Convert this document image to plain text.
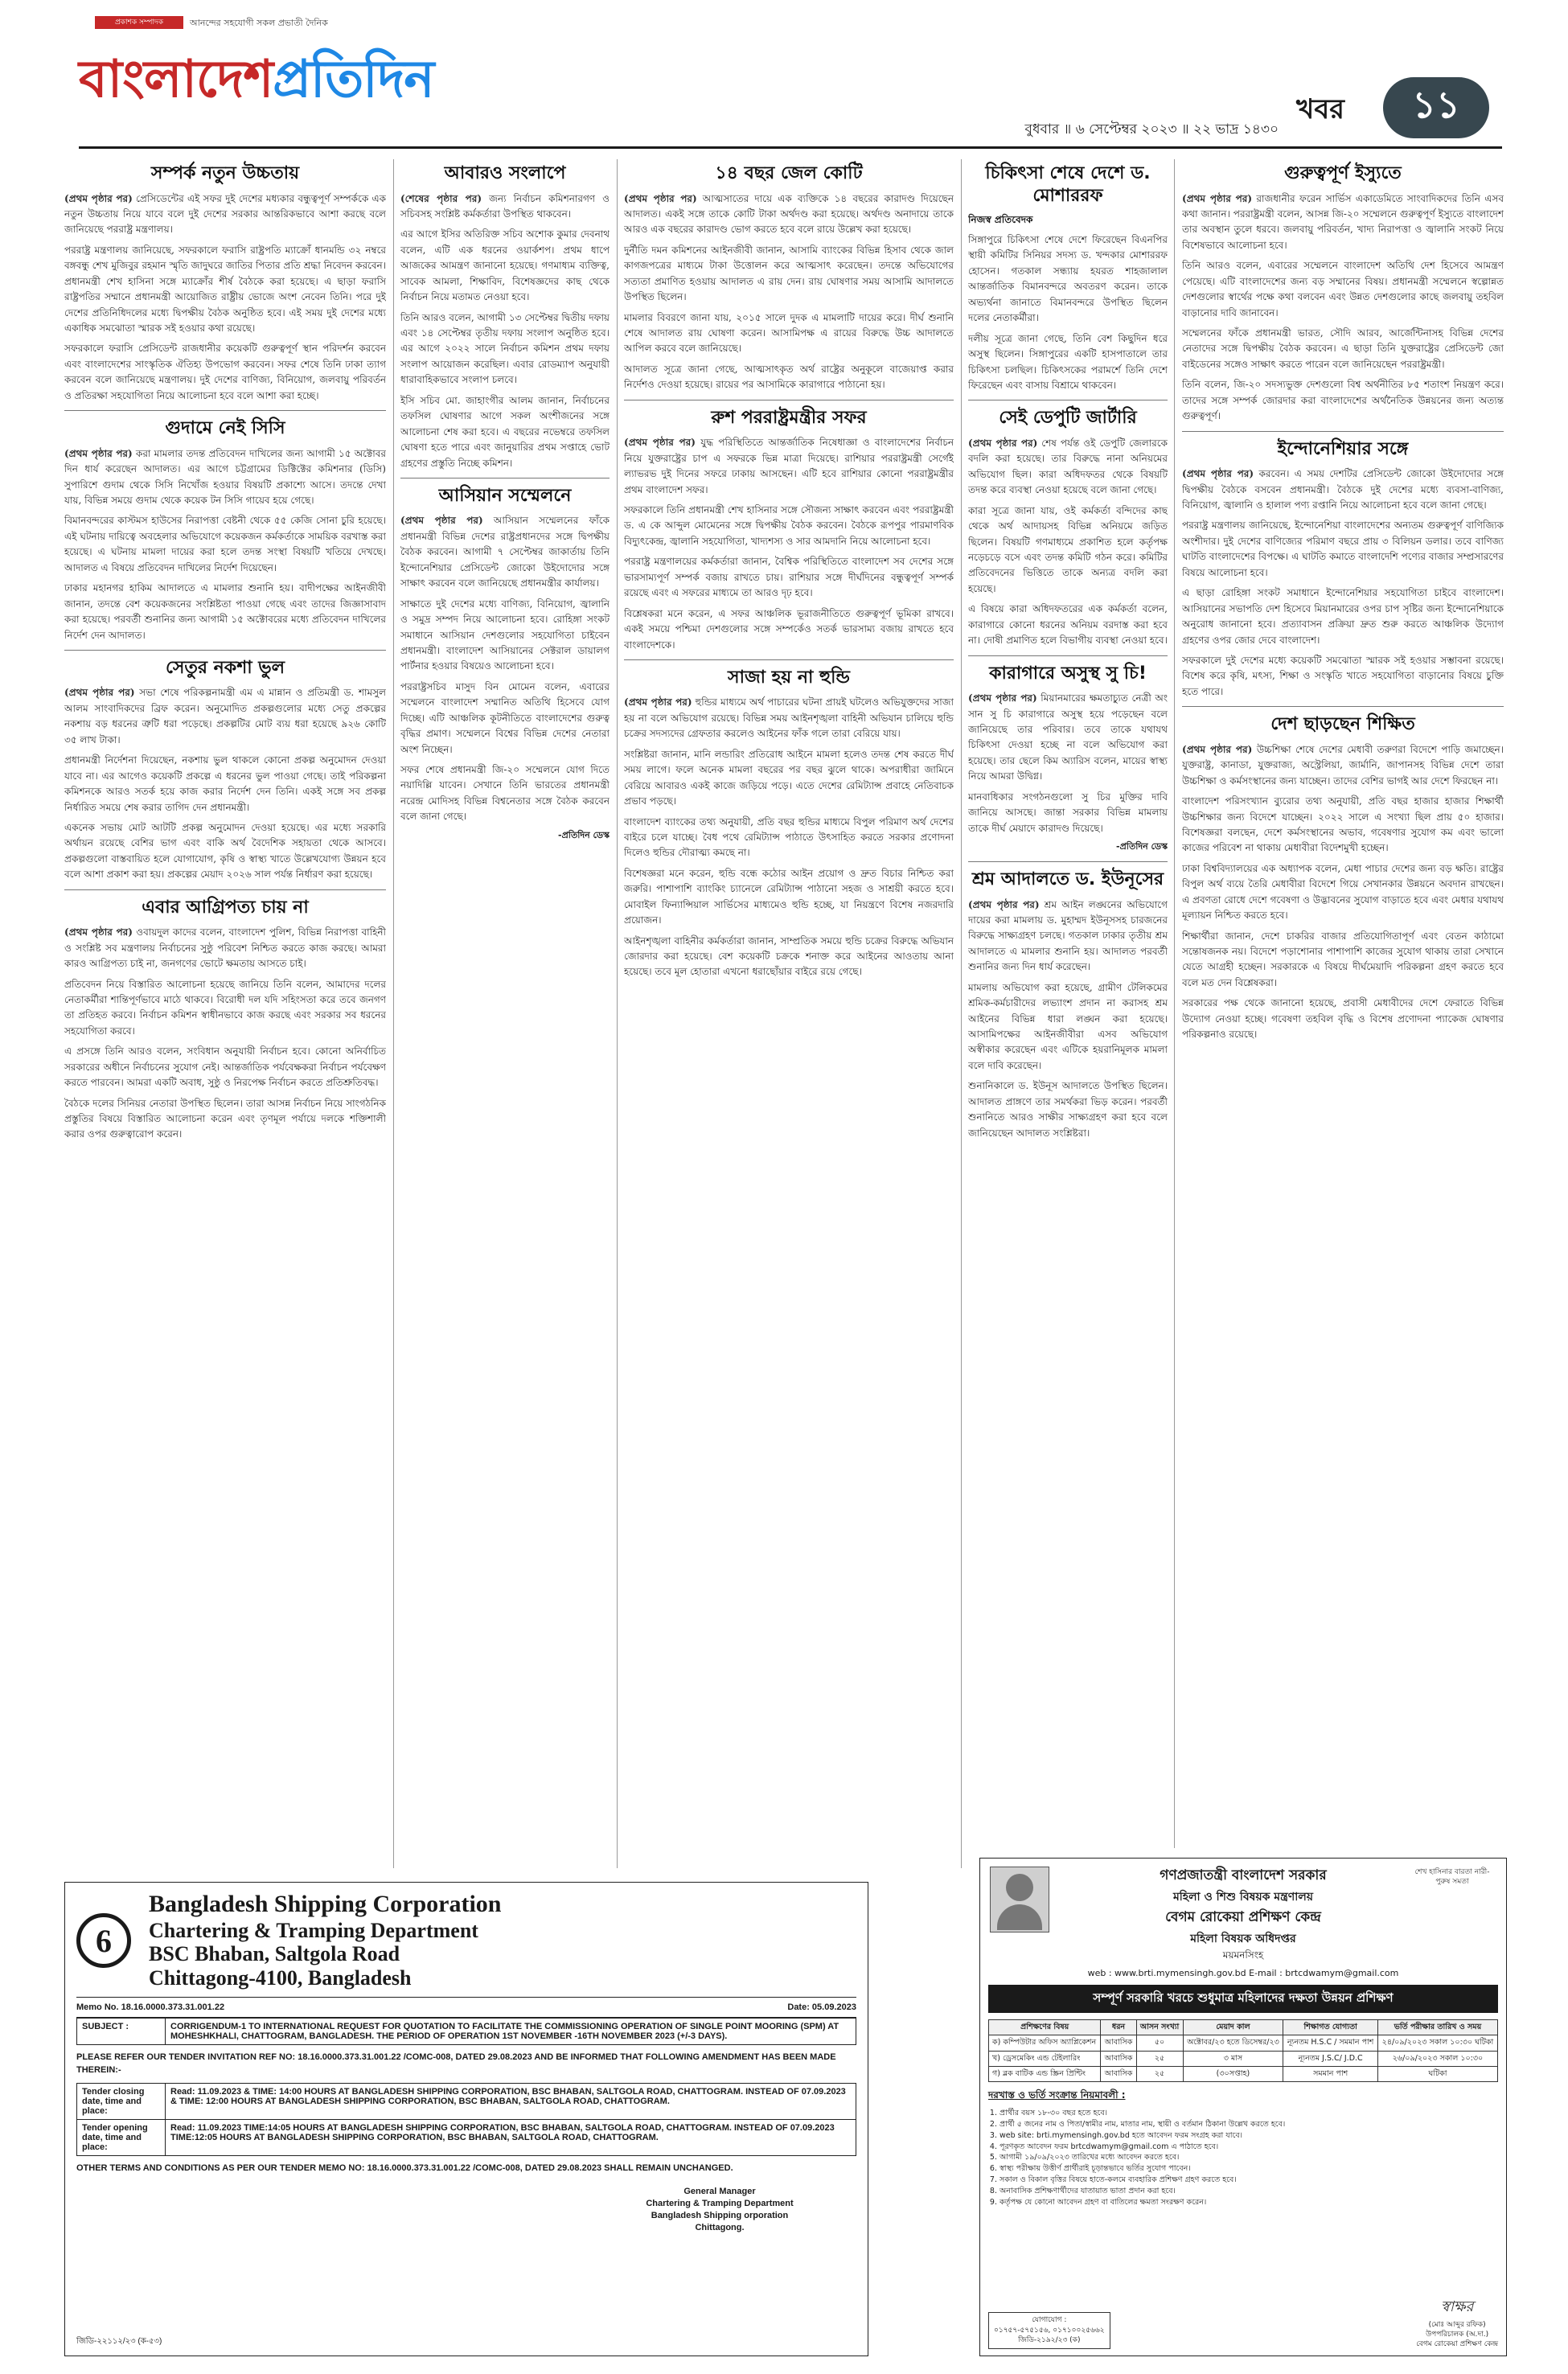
প্রকাশক সম্পাদক	আনন্দের সহযোগী সকল প্রভাতী দৈনিক
বাংলাদেশপ্রতিদিন	খবর	১১
বুধবার ॥ ৬ সেপ্টেম্বর ২০২৩ ॥ ২২ ভাদ্র ১৪৩০
সম্পর্ক নতুন উচ্চতায়

(প্রথম পৃষ্ঠার পর) প্রেসিডেন্টের এই সফর দুই দেশের মধ্যকার বন্ধুত্বপূর্ণ সম্পর্ককে এক নতুন উচ্চতায় নিয়ে যাবে বলে দুই দেশের সরকার আন্তরিকভাবে আশা করছে বলে জানিয়েছে পররাষ্ট্র মন্ত্রণালয়।

পররাষ্ট্র মন্ত্রণালয় জানিয়েছে, সফরকালে ফরাসি রাষ্ট্রপতি ম্যাক্রোঁ ধানমন্ডি ৩২ নম্বরে বঙ্গবন্ধু শেখ মুজিবুর রহমান স্মৃতি জাদুঘরে জাতির পিতার প্রতি শ্রদ্ধা নিবেদন করবেন। প্রধানমন্ত্রী শেখ হাসিনা সঙ্গে ম্যাক্রোঁর শীর্ষ বৈঠকে করা হয়েছে। এ ছাড়া ফরাসি রাষ্ট্রপতির সম্মানে প্রধানমন্ত্রী আয়োজিত রাষ্ট্রীয় ভোজে অংশ নেবেন তিনি। পরে দুই দেশের প্রতিনিধিদলের মধ্যে দ্বিপক্ষীয় বৈঠক অনুষ্ঠিত হবে। এই সময় দুই দেশের মধ্যে একাধিক সমঝোতা স্মারক সই হওয়ার কথা রয়েছে।

সফরকালে ফরাসি প্রেসিডেন্ট রাজধানীর কয়েকটি গুরুত্বপূর্ণ স্থান পরিদর্শন করবেন এবং বাংলাদেশের সাংস্কৃতিক ঐতিহ্য উপভোগ করবেন। সফর শেষে তিনি ঢাকা ত্যাগ করবেন বলে জানিয়েছে মন্ত্রণালয়। দুই দেশের বাণিজ্য, বিনিয়োগ, জলবায়ু পরিবর্তন ও প্রতিরক্ষা সহযোগিতা নিয়ে আলোচনা হবে বলে আশা করা হচ্ছে।

গুদামে নেই সিসি

(প্রথম পৃষ্ঠার পর) করা মামলার তদন্ত প্রতিবেদন দাখিলের জন্য আগামী ১৫ অক্টোবর দিন ধার্য করেছেন আদালত। এর আগে চট্টগ্রামের ডিক্টিক্টের কমিশনার (ডিসি) সুপারিশে গুদাম থেকে সিসি নিখোঁজ হওয়ার বিষয়টি প্রকাশ্যে আসে। তদন্তে দেখা যায়, বিভিন্ন সময়ে গুদাম থেকে কয়েক টন সিসি গায়েব হয়ে গেছে।

বিমানবন্দরের কাস্টমস হাউসের নিরাপত্তা বেষ্টনী থেকে ৫৫ কেজি সোনা চুরি হয়েছে। এই ঘটনায় দায়িত্বে অবহেলার অভিযোগে কয়েকজন কর্মকর্তাকে সাময়িক বরখাস্ত করা হয়েছে। এ ঘটনায় মামলা দায়ের করা হলে তদন্ত সংস্থা বিষয়টি খতিয়ে দেখছে। আদালত এ বিষয়ে প্রতিবেদন দাখিলের নির্দেশ দিয়েছেন।

ঢাকার মহানগর হাকিম আদালতে এ মামলার শুনানি হয়। বাদীপক্ষের আইনজীবী জানান, তদন্তে বেশ কয়েকজনের সংশ্লিষ্টতা পাওয়া গেছে এবং তাদের জিজ্ঞাসাবাদ করা হয়েছে। পরবর্তী শুনানির জন্য আগামী ১৫ অক্টোবরের মধ্যে প্রতিবেদন দাখিলের নির্দেশ দেন আদালত।

সেতুর নকশা ভুল

(প্রথম পৃষ্ঠার পর) সভা শেষে পরিকল্পনামন্ত্রী এম এ মান্নান ও প্রতিমন্ত্রী ড. শামসুল আলম সাংবাদিকদের ব্রিফ করেন। অনুমোদিত প্রকল্পগুলোর মধ্যে সেতু প্রকল্পের নকশায় বড় ধরনের ত্রুটি ধরা পড়েছে। প্রকল্পটির মোট ব্যয় ধরা হয়েছে ৯২৬ কোটি ৩৫ লাখ টাকা।

প্রধানমন্ত্রী নির্দেশনা দিয়েছেন, নকশায় ভুল থাকলে কোনো প্রকল্প অনুমোদন দেওয়া যাবে না। এর আগেও কয়েকটি প্রকল্পে এ ধরনের ভুল পাওয়া গেছে। তাই পরিকল্পনা কমিশনকে আরও সতর্ক হয়ে কাজ করার নির্দেশ দেন তিনি। একই সঙ্গে সব প্রকল্প নির্ধারিত সময়ে শেষ করার তাগিদ দেন প্রধানমন্ত্রী।

একনেক সভায় মোট আটটি প্রকল্প অনুমোদন দেওয়া হয়েছে। এর মধ্যে সরকারি অর্থায়ন রয়েছে বেশির ভাগ এবং বাকি অর্থ বৈদেশিক সহায়তা থেকে আসবে। প্রকল্পগুলো বাস্তবায়িত হলে যোগাযোগ, কৃষি ও স্বাস্থ্য খাতে উল্লেখযোগ্য উন্নয়ন হবে বলে আশা প্রকাশ করা হয়। প্রকল্পের মেয়াদ ২০২৬ সাল পর্যন্ত নির্ধারণ করা হয়েছে।

এবার আগ্রিপত্য চায় না

(প্রথম পৃষ্ঠার পর) ওবায়দুল কাদের বলেন, বাংলাদেশ পুলিশ, বিভিন্ন নিরাপত্তা বাহিনী ও সংশ্লিষ্ট সব মন্ত্রণালয় নির্বাচনের সুষ্ঠু পরিবেশ নিশ্চিত করতে কাজ করছে। আমরা কারও আগ্রিপত্য চাই না, জনগণের ভোটে ক্ষমতায় আসতে চাই।

প্রতিবেদন নিয়ে বিস্তারিত আলোচনা হয়েছে জানিয়ে তিনি বলেন, আমাদের দলের নেতাকর্মীরা শান্তিপূর্ণভাবে মাঠে থাকবে। বিরোধী দল যদি সহিংসতা করে তবে জনগণ তা প্রতিহত করবে। নির্বাচন কমিশন স্বাধীনভাবে কাজ করছে এবং সরকার সব ধরনের সহযোগিতা করবে।

এ প্রসঙ্গে তিনি আরও বলেন, সংবিধান অনুযায়ী নির্বাচন হবে। কোনো অনির্বাচিত সরকারের অধীনে নির্বাচনের সুযোগ নেই। আন্তর্জাতিক পর্যবেক্ষকরা নির্বাচন পর্যবেক্ষণ করতে পারবেন। আমরা একটি অবাধ, সুষ্ঠু ও নিরপেক্ষ নির্বাচন করতে প্রতিশ্রুতিবদ্ধ।

বৈঠকে দলের সিনিয়র নেতারা উপস্থিত ছিলেন। তারা আসন্ন নির্বাচন নিয়ে সাংগঠনিক প্রস্তুতির বিষয়ে বিস্তারিত আলোচনা করেন এবং তৃণমূল পর্যায়ে দলকে শক্তিশালী করার ওপর গুরুত্বারোপ করেন।

আবারও সংলাপে

(শেষের পৃষ্ঠার পর) জন্য নির্বাচন কমিশনারগণ ও সচিবসহ সংশ্লিষ্ট কর্মকর্তারা উপস্থিত থাকবেন।

এর আগে ইসির অতিরিক্ত সচিব অশোক কুমার দেবনাথ বলেন, এটি এক ধরনের ওয়ার্কশপ। প্রথম ধাপে আজকের আমন্ত্রণ জানানো হয়েছে। গণমাধ্যম ব্যক্তিত্ব, সাবেক আমলা, শিক্ষাবিদ, বিশেষজ্ঞদের কাছ থেকে নির্বাচন নিয়ে মতামত নেওয়া হবে।

তিনি আরও বলেন, আগামী ১৩ সেপ্টেম্বর দ্বিতীয় দফায় এবং ১৪ সেপ্টেম্বর তৃতীয় দফায় সংলাপ অনুষ্ঠিত হবে। এর আগে ২০২২ সালে নির্বাচন কমিশন প্রথম দফায় সংলাপ আয়োজন করেছিল। এবার রোডম্যাপ অনুযায়ী ধারাবাহিকভাবে সংলাপ চলবে।

ইসি সচিব মো. জাহাংগীর আলম জানান, নির্বাচনের তফসিল ঘোষণার আগে সকল অংশীজনের সঙ্গে আলোচনা শেষ করা হবে। এ বছরের নভেম্বরে তফসিল ঘোষণা হতে পারে এবং জানুয়ারির প্রথম সপ্তাহে ভোট গ্রহণের প্রস্তুতি নিচ্ছে কমিশন।

আসিয়ান সম্মেলনে

(প্রথম পৃষ্ঠার পর) আসিয়ান সম্মেলনের ফাঁকে প্রধানমন্ত্রী বিভিন্ন দেশের রাষ্ট্রপ্রধানদের সঙ্গে দ্বিপক্ষীয় বৈঠক করবেন। আগামী ৭ সেপ্টেম্বর জাকার্তায় তিনি ইন্দোনেশিয়ার প্রেসিডেন্ট জোকো উইদোদোর সঙ্গে সাক্ষাৎ করবেন বলে জানিয়েছে প্রধানমন্ত্রীর কার্যালয়।

সাক্ষাতে দুই দেশের মধ্যে বাণিজ্য, বিনিয়োগ, জ্বালানি ও সমুদ্র সম্পদ নিয়ে আলোচনা হবে। রোহিঙ্গা সংকট সমাধানে আসিয়ান দেশগুলোর সহযোগিতা চাইবেন প্রধানমন্ত্রী। বাংলাদেশ আসিয়ানের সেক্টরাল ডায়ালগ পার্টনার হওয়ার বিষয়েও আলোচনা হবে।

পররাষ্ট্রসচিব মাসুদ বিন মোমেন বলেন, এবারের সম্মেলনে বাংলাদেশ সম্মানিত অতিথি হিসেবে যোগ দিচ্ছে। এটি আঞ্চলিক কূটনীতিতে বাংলাদেশের গুরুত্ব বৃদ্ধির প্রমাণ। সম্মেলনে বিশ্বের বিভিন্ন দেশের নেতারা অংশ নিচ্ছেন।

সফর শেষে প্রধানমন্ত্রী জি-২০ সম্মেলনে যোগ দিতে নয়াদিল্লি যাবেন। সেখানে তিনি ভারতের প্রধানমন্ত্রী নরেন্দ্র মোদিসহ বিভিন্ন বিশ্বনেতার সঙ্গে বৈঠক করবেন বলে জানা গেছে।

-প্রতিদিন ডেস্ক
১৪ বছর জেল কোটি

(প্রথম পৃষ্ঠার পর) আত্মসাতের দায়ে এক ব্যক্তিকে ১৪ বছরের কারাদণ্ড দিয়েছেন আদালত। একই সঙ্গে তাকে কোটি টাকা অর্থদণ্ড করা হয়েছে। অর্থদণ্ড অনাদায়ে তাকে আরও এক বছরের কারাদণ্ড ভোগ করতে হবে বলে রায়ে উল্লেখ করা হয়েছে।

দুর্নীতি দমন কমিশনের আইনজীবী জানান, আসামি ব্যাংকের বিভিন্ন হিসাব থেকে জাল কাগজপত্রের মাধ্যমে টাকা উত্তোলন করে আত্মসাৎ করেছেন। তদন্তে অভিযোগের সত্যতা প্রমাণিত হওয়ায় আদালত এ রায় দেন। রায় ঘোষণার সময় আসামি আদালতে উপস্থিত ছিলেন।

মামলার বিবরণে জানা যায়, ২০১৫ সালে দুদক এ মামলাটি দায়ের করে। দীর্ঘ শুনানি শেষে আদালত রায় ঘোষণা করেন। আসামিপক্ষ এ রায়ের বিরুদ্ধে উচ্চ আদালতে আপিল করবে বলে জানিয়েছে।

আদালত সূত্রে জানা গেছে, আত্মসাৎকৃত অর্থ রাষ্ট্রের অনুকূলে বাজেয়াপ্ত করার নির্দেশও দেওয়া হয়েছে। রায়ের পর আসামিকে কারাগারে পাঠানো হয়।

রুশ পররাষ্ট্রমন্ত্রীর সফর

(প্রথম পৃষ্ঠার পর) যুদ্ধ পরিস্থিতিতে আন্তর্জাতিক নিষেধাজ্ঞা ও বাংলাদেশের নির্বাচন নিয়ে যুক্তরাষ্ট্রের চাপ এ সফরকে ভিন্ন মাত্রা দিয়েছে। রাশিয়ার পররাষ্ট্রমন্ত্রী সের্গেই ল্যাভরভ দুই দিনের সফরে ঢাকায় আসছেন। এটি হবে রাশিয়ার কোনো পররাষ্ট্রমন্ত্রীর প্রথম বাংলাদেশ সফর।

সফরকালে তিনি প্রধানমন্ত্রী শেখ হাসিনার সঙ্গে সৌজন্য সাক্ষাৎ করবেন এবং পররাষ্ট্রমন্ত্রী ড. এ কে আব্দুল মোমেনের সঙ্গে দ্বিপক্ষীয় বৈঠক করবেন। বৈঠকে রূপপুর পারমাণবিক বিদ্যুৎকেন্দ্র, জ্বালানি সহযোগিতা, খাদ্যশস্য ও সার আমদানি নিয়ে আলোচনা হবে।

পররাষ্ট্র মন্ত্রণালয়ের কর্মকর্তারা জানান, বৈশ্বিক পরিস্থিতিতে বাংলাদেশ সব দেশের সঙ্গে ভারসাম্যপূর্ণ সম্পর্ক বজায় রাখতে চায়। রাশিয়ার সঙ্গে দীর্ঘদিনের বন্ধুত্বপূর্ণ সম্পর্ক রয়েছে এবং এ সফরের মাধ্যমে তা আরও দৃঢ় হবে।

বিশ্লেষকরা মনে করেন, এ সফর আঞ্চলিক ভূরাজনীতিতে গুরুত্বপূর্ণ ভূমিকা রাখবে। একই সময়ে পশ্চিমা দেশগুলোর সঙ্গে সম্পর্কেও সতর্ক ভারসাম্য বজায় রাখতে হবে বাংলাদেশকে।

সাজা হয় না হুন্ডি

(প্রথম পৃষ্ঠার পর) হুন্ডির মাধ্যমে অর্থ পাচারের ঘটনা প্রায়ই ঘটলেও অভিযুক্তদের সাজা হয় না বলে অভিযোগ রয়েছে। বিভিন্ন সময় আইনশৃঙ্খলা বাহিনী অভিযান চালিয়ে হুন্ডি চক্রের সদস্যদের গ্রেফতার করলেও আইনের ফাঁক গলে তারা বেরিয়ে যায়।

সংশ্লিষ্টরা জানান, মানি লন্ডারিং প্রতিরোধ আইনে মামলা হলেও তদন্ত শেষ করতে দীর্ঘ সময় লাগে। ফলে অনেক মামলা বছরের পর বছর ঝুলে থাকে। অপরাধীরা জামিনে বেরিয়ে আবারও একই কাজে জড়িয়ে পড়ে। এতে দেশের রেমিট্যান্স প্রবাহে নেতিবাচক প্রভাব পড়ছে।

বাংলাদেশ ব্যাংকের তথ্য অনুযায়ী, প্রতি বছর হুন্ডির মাধ্যমে বিপুল পরিমাণ অর্থ দেশের বাইরে চলে যাচ্ছে। বৈধ পথে রেমিট্যান্স পাঠাতে উৎসাহিত করতে সরকার প্রণোদনা দিলেও হুন্ডির দৌরাত্ম্য কমছে না।

বিশেষজ্ঞরা মনে করেন, হুন্ডি বন্ধে কঠোর আইন প্রয়োগ ও দ্রুত বিচার নিশ্চিত করা জরুরি। পাশাপাশি ব্যাংকিং চ্যানেলে রেমিট্যান্স পাঠানো সহজ ও সাশ্রয়ী করতে হবে। মোবাইল ফিন্যান্সিয়াল সার্ভিসের মাধ্যমেও হুন্ডি হচ্ছে, যা নিয়ন্ত্রণে বিশেষ নজরদারি প্রয়োজন।

আইনশৃঙ্খলা বাহিনীর কর্মকর্তারা জানান, সাম্প্রতিক সময়ে হুন্ডি চক্রের বিরুদ্ধে অভিযান জোরদার করা হয়েছে। বেশ কয়েকটি চক্রকে শনাক্ত করে আইনের আওতায় আনা হয়েছে। তবে মূল হোতারা এখনো ধরাছোঁয়ার বাইরে রয়ে গেছে।

চিকিৎসা শেষে দেশে ড. মোশাররফ
নিজস্ব প্রতিবেদক

সিঙ্গাপুরে চিকিৎসা শেষে দেশে ফিরেছেন বিএনপির স্থায়ী কমিটির সিনিয়র সদস্য ড. খন্দকার মোশাররফ হোসেন। গতকাল সন্ধ্যায় হযরত শাহজালাল আন্তর্জাতিক বিমানবন্দরে অবতরণ করেন। তাকে অভ্যর্থনা জানাতে বিমানবন্দরে উপস্থিত ছিলেন দলের নেতাকর্মীরা।

দলীয় সূত্রে জানা গেছে, তিনি বেশ কিছুদিন ধরে অসুস্থ ছিলেন। সিঙ্গাপুরের একটি হাসপাতালে তার চিকিৎসা চলছিল। চিকিৎসকের পরামর্শে তিনি দেশে ফিরেছেন এবং বাসায় বিশ্রামে থাকবেন।

সেই ডেপুটি জার্টারি

(প্রথম পৃষ্ঠার পর) শেষ পর্যন্ত ওই ডেপুটি জেলারকে বদলি করা হয়েছে। তার বিরুদ্ধে নানা অনিয়মের অভিযোগ ছিল। কারা অধিদফতর থেকে বিষয়টি তদন্ত করে ব্যবস্থা নেওয়া হয়েছে বলে জানা গেছে।

কারা সূত্রে জানা যায়, ওই কর্মকর্তা বন্দিদের কাছ থেকে অর্থ আদায়সহ বিভিন্ন অনিয়মে জড়িত ছিলেন। বিষয়টি গণমাধ্যমে প্রকাশিত হলে কর্তৃপক্ষ নড়েচড়ে বসে এবং তদন্ত কমিটি গঠন করে। কমিটির প্রতিবেদনের ভিত্তিতে তাকে অন্যত্র বদলি করা হয়েছে।

এ বিষয়ে কারা অধিদফতরের এক কর্মকর্তা বলেন, কারাগারে কোনো ধরনের অনিয়ম বরদাস্ত করা হবে না। দোষী প্রমাণিত হলে বিভাগীয় ব্যবস্থা নেওয়া হবে।

কারাগারে অসুস্থ সু চি!

(প্রথম পৃষ্ঠার পর) মিয়ানমারের ক্ষমতাচ্যুত নেত্রী অং সান সু চি কারাগারে অসুস্থ হয়ে পড়েছেন বলে জানিয়েছে তার পরিবার। তবে তাকে যথাযথ চিকিৎসা দেওয়া হচ্ছে না বলে অভিযোগ করা হয়েছে। তার ছেলে কিম অ্যারিস বলেন, মায়ের স্বাস্থ্য নিয়ে আমরা উদ্বিগ্ন।

মানবাধিকার সংগঠনগুলো সু চির মুক্তির দাবি জানিয়ে আসছে। জান্তা সরকার বিভিন্ন মামলায় তাকে দীর্ঘ মেয়াদে কারাদণ্ড দিয়েছে।

-প্রতিদিন ডেস্ক
শ্রম আদালতে ড. ইউনূসের

(প্রথম পৃষ্ঠার পর) শ্রম আইন লঙ্ঘনের অভিযোগে দায়ের করা মামলায় ড. মুহাম্মদ ইউনূসসহ চারজনের বিরুদ্ধে সাক্ষ্যগ্রহণ চলছে। গতকাল ঢাকার তৃতীয় শ্রম আদালতে এ মামলার শুনানি হয়। আদালত পরবর্তী শুনানির জন্য দিন ধার্য করেছেন।

মামলায় অভিযোগ করা হয়েছে, গ্রামীণ টেলিকমের শ্রমিক-কর্মচারীদের লভ্যাংশ প্রদান না করাসহ শ্রম আইনের বিভিন্ন ধারা লঙ্ঘন করা হয়েছে। আসামিপক্ষের আইনজীবীরা এসব অভিযোগ অস্বীকার করেছেন এবং এটিকে হয়রানিমূলক মামলা বলে দাবি করেছেন।

শুনানিকালে ড. ইউনূস আদালতে উপস্থিত ছিলেন। আদালত প্রাঙ্গণে তার সমর্থকরা ভিড় করেন। পরবর্তী শুনানিতে আরও সাক্ষীর সাক্ষ্যগ্রহণ করা হবে বলে জানিয়েছেন আদালত সংশ্লিষ্টরা।

গুরুত্বপূর্ণ ইস্যুতে

(প্রথম পৃষ্ঠার পর) রাজধানীর ফরেন সার্ভিস একাডেমিতে সাংবাদিকদের তিনি এসব কথা জানান। পররাষ্ট্রমন্ত্রী বলেন, আসন্ন জি-২০ সম্মেলনে গুরুত্বপূর্ণ ইস্যুতে বাংলাদেশ তার অবস্থান তুলে ধরবে। জলবায়ু পরিবর্তন, খাদ্য নিরাপত্তা ও জ্বালানি সংকট নিয়ে বিশেষভাবে আলোচনা হবে।

তিনি আরও বলেন, এবারের সম্মেলনে বাংলাদেশ অতিথি দেশ হিসেবে আমন্ত্রণ পেয়েছে। এটি বাংলাদেশের জন্য বড় সম্মানের বিষয়। প্রধানমন্ত্রী সম্মেলনে স্বল্পোন্নত দেশগুলোর স্বার্থের পক্ষে কথা বলবেন এবং উন্নত দেশগুলোর কাছে জলবায়ু তহবিল বাড়ানোর দাবি জানাবেন।

সম্মেলনের ফাঁকে প্রধানমন্ত্রী ভারত, সৌদি আরব, আর্জেন্টিনাসহ বিভিন্ন দেশের নেতাদের সঙ্গে দ্বিপক্ষীয় বৈঠক করবেন। এ ছাড়া তিনি যুক্তরাষ্ট্রের প্রেসিডেন্ট জো বাইডেনের সঙ্গেও সাক্ষাৎ করতে পারেন বলে জানিয়েছেন পররাষ্ট্রমন্ত্রী।

তিনি বলেন, জি-২০ সদস্যভুক্ত দেশগুলো বিশ্ব অর্থনীতির ৮৫ শতাংশ নিয়ন্ত্রণ করে। তাদের সঙ্গে সম্পর্ক জোরদার করা বাংলাদেশের অর্থনৈতিক উন্নয়নের জন্য অত্যন্ত গুরুত্বপূর্ণ।

ইন্দোনেশিয়ার সঙ্গে

(প্রথম পৃষ্ঠার পর) করবেন। এ সময় দেশটির প্রেসিডেন্ট জোকো উইদোদোর সঙ্গে দ্বিপক্ষীয় বৈঠকে বসবেন প্রধানমন্ত্রী। বৈঠকে দুই দেশের মধ্যে ব্যবসা-বাণিজ্য, বিনিয়োগ, জ্বালানি ও হালাল পণ্য রপ্তানি নিয়ে আলোচনা হবে বলে জানা গেছে।

পররাষ্ট্র মন্ত্রণালয় জানিয়েছে, ইন্দোনেশিয়া বাংলাদেশের অন্যতম গুরুত্বপূর্ণ বাণিজ্যিক অংশীদার। দুই দেশের বাণিজ্যের পরিমাণ বছরে প্রায় ৩ বিলিয়ন ডলার। তবে বাণিজ্য ঘাটতি বাংলাদেশের বিপক্ষে। এ ঘাটতি কমাতে বাংলাদেশি পণ্যের বাজার সম্প্রসারণের বিষয়ে আলোচনা হবে।

এ ছাড়া রোহিঙ্গা সংকট সমাধানে ইন্দোনেশিয়ার সহযোগিতা চাইবে বাংলাদেশ। আসিয়ানের সভাপতি দেশ হিসেবে মিয়ানমারের ওপর চাপ সৃষ্টির জন্য ইন্দোনেশিয়াকে অনুরোধ জানানো হবে। প্রত্যাবাসন প্রক্রিয়া দ্রুত শুরু করতে আঞ্চলিক উদ্যোগ গ্রহণের ওপর জোর দেবে বাংলাদেশ।

সফরকালে দুই দেশের মধ্যে কয়েকটি সমঝোতা স্মারক সই হওয়ার সম্ভাবনা রয়েছে। বিশেষ করে কৃষি, মৎস্য, শিক্ষা ও সংস্কৃতি খাতে সহযোগিতা বাড়ানোর বিষয়ে চুক্তি হতে পারে।

দেশ ছাড়ছেন শিক্ষিত

(প্রথম পৃষ্ঠার পর) উচ্চশিক্ষা শেষে দেশের মেধাবী তরুণরা বিদেশে পাড়ি জমাচ্ছেন। যুক্তরাষ্ট্র, কানাডা, যুক্তরাজ্য, অস্ট্রেলিয়া, জার্মানি, জাপানসহ বিভিন্ন দেশে তারা উচ্চশিক্ষা ও কর্মসংস্থানের জন্য যাচ্ছেন। তাদের বেশির ভাগই আর দেশে ফিরছেন না।

বাংলাদেশ পরিসংখ্যান ব্যুরোর তথ্য অনুযায়ী, প্রতি বছর হাজার হাজার শিক্ষার্থী উচ্চশিক্ষার জন্য বিদেশে যাচ্ছেন। ২০২২ সালে এ সংখ্যা ছিল প্রায় ৫০ হাজার। বিশেষজ্ঞরা বলছেন, দেশে কর্মসংস্থানের অভাব, গবেষণার সুযোগ কম এবং ভালো কাজের পরিবেশ না থাকায় মেধাবীরা বিদেশমুখী হচ্ছেন।

ঢাকা বিশ্ববিদ্যালয়ের এক অধ্যাপক বলেন, মেধা পাচার দেশের জন্য বড় ক্ষতি। রাষ্ট্রের বিপুল অর্থ ব্যয়ে তৈরি মেধাবীরা বিদেশে গিয়ে সেখানকার উন্নয়নে অবদান রাখছেন। এ প্রবণতা রোধে দেশে গবেষণা ও উদ্ভাবনের সুযোগ বাড়াতে হবে এবং মেধার যথাযথ মূল্যায়ন নিশ্চিত করতে হবে।

শিক্ষার্থীরা জানান, দেশে চাকরির বাজার প্রতিযোগিতাপূর্ণ এবং বেতন কাঠামো সন্তোষজনক নয়। বিদেশে পড়াশোনার পাশাপাশি কাজের সুযোগ থাকায় তারা সেখানে যেতে আগ্রহী হচ্ছেন। সরকারকে এ বিষয়ে দীর্ঘমেয়াদি পরিকল্পনা গ্রহণ করতে হবে বলে মত দেন বিশ্লেষকরা।

সরকারের পক্ষ থেকে জানানো হয়েছে, প্রবাসী মেধাবীদের দেশে ফেরাতে বিভিন্ন উদ্যোগ নেওয়া হচ্ছে। গবেষণা তহবিল বৃদ্ধি ও বিশেষ প্রণোদনা প্যাকেজ ঘোষণার পরিকল্পনাও রয়েছে।

6
Bangladesh Shipping Corporation
Chartering & Tramping Department
BSC Bhaban, Saltgola Road
Chittagong-4100, Bangladesh
Memo No. 18.16.0000.373.31.001.22	Date: 05.09.2023
SUBJECT :	CORRIGENDUM-1 TO INTERNATIONAL REQUEST FOR QUOTATION TO FACILITATE THE COMMISSIONING OPERATION OF SINGLE POINT MOORING (SPM) AT MOHESHKHALI, CHATTOGRAM, BANGLADESH. THE PERIOD OF OPERATION 1ST NOVEMBER -16TH NOVEMBER 2023 (+/-3 DAYS).
PLEASE REFER OUR TENDER INVITATION REF NO: 18.16.0000.373.31.001.22 /COMC-008, DATED 29.08.2023 AND BE INFORMED THAT FOLLOWING AMENDMENT HAS BEEN MADE THEREIN:-
Tender closing date, time and place:	Read: 11.09.2023 & TIME: 14:00 HOURS AT BANGLADESH SHIPPING CORPORATION, BSC BHABAN, SALTGOLA ROAD, CHATTOGRAM. INSTEAD OF 07.09.2023 & TIME: 12:00 HOURS AT BANGLADESH SHIPPING CORPORATION, BSC BHABAN, SALTGOLA ROAD, CHATTOGRAM.
Tender opening date, time and place:	Read: 11.09.2023 TIME:14:05 HOURS AT BANGLADESH SHIPPING CORPORATION, BSC BHABAN, SALTGOLA ROAD, CHATTOGRAM. INSTEAD OF 07.09.2023 TIME:12:05 HOURS AT BANGLADESH SHIPPING CORPORATION, BSC BHABAN, SALTGOLA ROAD, CHATTOGRAM.
OTHER TERMS AND CONDITIONS AS PER OUR TENDER MEMO NO: 18.16.0000.373.31.001.22 /COMC-008, DATED 29.08.2023 SHALL REMAIN UNCHANGED.
General Manager
Chartering & Tramping Department
Bangladesh Shipping orporation
Chittagong.
জিডি-২২১১২/২৩ (ক-৫৩)
শেখ হাসিনার বারতা নারী-পুরুষ সমতা
গণপ্রজাতন্ত্রী বাংলাদেশ সরকার
মহিলা ও শিশু বিষয়ক মন্ত্রণালয়
বেগম রোকেয়া প্রশিক্ষণ কেন্দ্র
মহিলা বিষয়ক অধিদপ্তর
ময়মনসিংহ
web : www.brti.mymensingh.gov.bd E-mail : brtcdwamym@gmail.com
সম্পূর্ণ সরকারি খরচে শুধুমাত্র মহিলাদের দক্ষতা উন্নয়ন প্রশিক্ষণ
প্রশিক্ষণের বিষয়	ধরন	আসন সংখ্যা	মেয়াদ কাল	শিক্ষাগত যোগ্যতা	ভর্তি পরীক্ষার তারিখ ও সময়
ক) কম্পিউটার অফিস অ্যাপ্লিকেশন	আবাসিক	৫০	অক্টোবর/২৩ হতে ডিসেম্বর/২৩	ন্যূনতম H.S.C / সমমান পাশ	২৪/০৯/২০২৩ সকাল ১০:৩০ ঘটিকা
খ) ড্রেসমেকিং এন্ড টেইলারিং	আবাসিক	২৫	৩ মাস	ন্যূনতম J.S.C/ J.D.C	২৬/০৯/২০২৩ সকাল ১০:৩০
গ) ব্লক বাটিক এন্ড স্ক্রিন প্রিন্টিং	আবাসিক	২৫	(৩০সপ্তাহ)	সমমান পাশ	ঘটিকা
দরখাস্ত ও ভর্তি সংক্রান্ত নিয়মাবলী :
1. প্রার্থীর বয়স ১৮-৩০ বছর হতে হবে।
2. প্রার্থী ৫ জনের নাম ও পিতা/স্বামীর নাম, মাতার নাম, স্থায়ী ও বর্তমান ঠিকানা উল্লেখ করতে হবে।
3. web site: brti.mymensingh.gov.bd হতে আবেদন ফরম সংগ্রহ করা যাবে।
4. পূরণকৃত আবেদন ফরম brtcdwamym@gmail.com এ পাঠাতে হবে।
5. আগামী ১৯/০৯/২০২৩ তারিখের মধ্যে আবেদন করতে হবে।
6. স্বাস্থ্য পরীক্ষায় উত্তীর্ণ প্রার্থীরাই চূড়ান্তভাবে ভর্তির সুযোগ পাবেন।
7. সকাল ও বিকাল বৃত্তির বিষয়ে হাতে-কলমে ব্যবহারিক প্রশিক্ষণ গ্রহণ করতে হবে।
8. অনাবাসিক প্রশিক্ষণার্থীদের যাতায়াত ভাতা প্রদান করা হবে।
9. কর্তৃপক্ষ যে কোনো আবেদন গ্রহণ বা বাতিলের ক্ষমতা সংরক্ষণ করেন।
যোগাযোগ :
০১৭৫৭-৫৭৫১৫৬, ০১৭১০০২৫৬৬২
জিডি-২১৯২/২৩ (ক)
স্বাক্ষর
(মোঃ আব্দুর রফিক)
উপপরিচালক (অ.দা.)
বেগম রোকেয়া প্রশিক্ষণ কেন্দ্র
